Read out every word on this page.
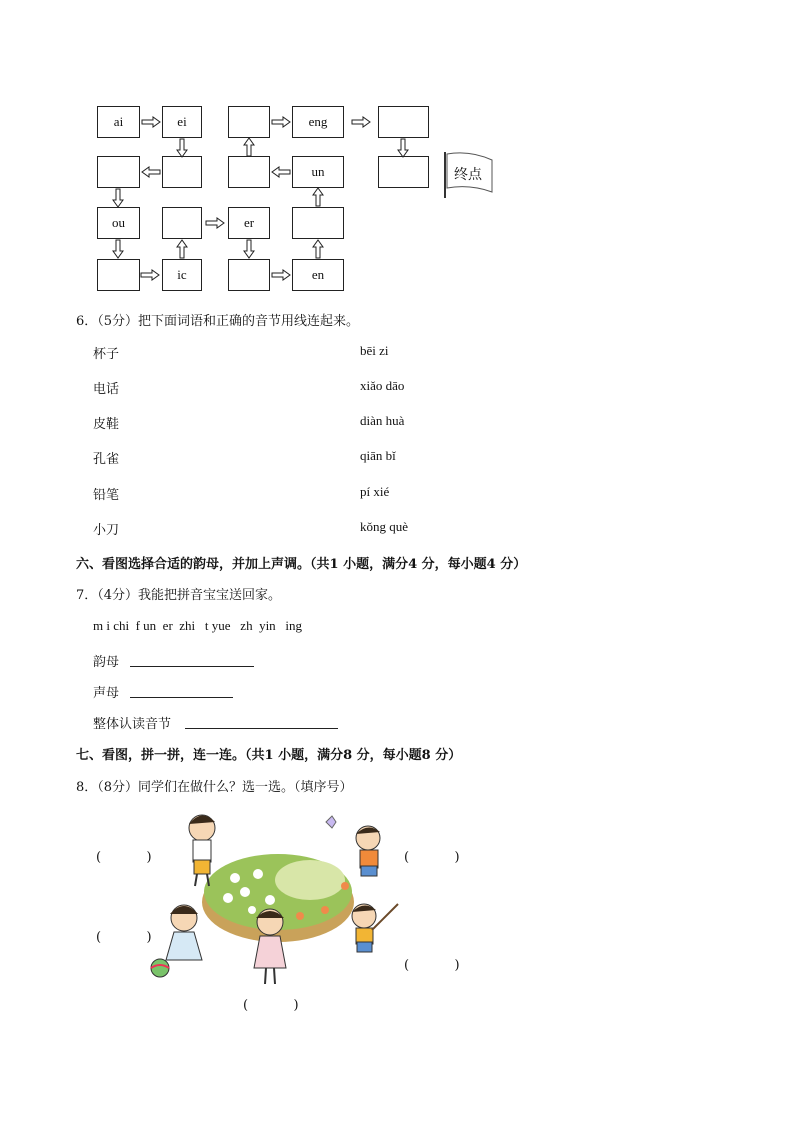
ai	ei	eng
un
ou	er
ic	en
终点
6．（5分）把下面词语和正确的音节用线连起来。
杯子
电话
皮鞋
孔雀
铅笔
小刀
bēi zi
xiǎo dāo
diàn huà
qiān bǐ
pí xié
kǒng què
六、看图选择合适的韵母，并加上声调。（共1 小题，满分4 分，每小题4 分）
7．（4分）我能把拼音宝宝送回家。
m i chi  f un  er  zhi   t yue   zh  yin   ing
韵母
声母
整体认读音节
七、看图，拼一拼，连一连。（共1 小题，满分8 分，每小题8 分）
8．（8分）同学们在做什么？选一选。（填序号）
(           )
(           )
(           )
(           )
(           )
